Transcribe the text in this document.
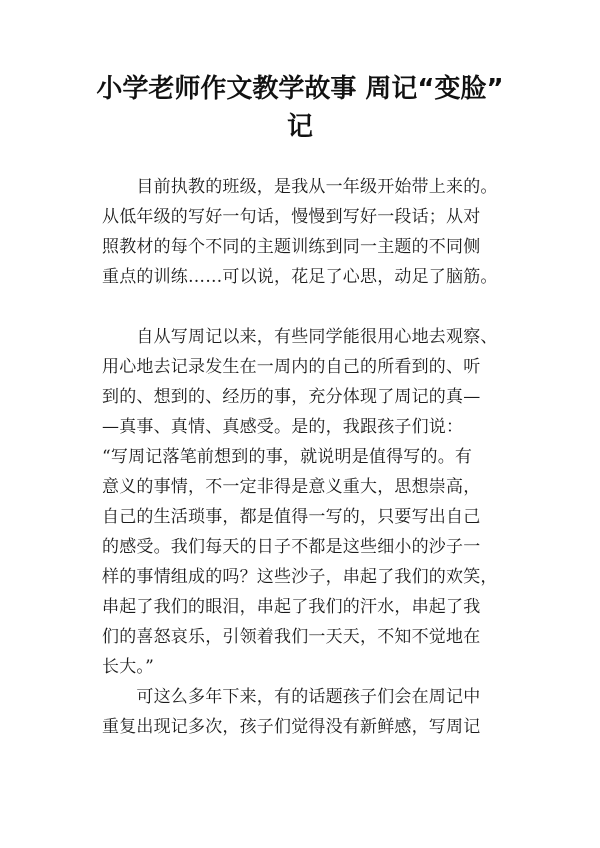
小学老师作文教学故事 周记“变脸”
记
　　目前执教的班级，是我从一年级开始带上来的。
从低年级的写好一句话，慢慢到写好一段话；从对
照教材的每个不同的主题训练到同一主题的不同侧
重点的训练……可以说，花足了心思，动足了脑筋。
　　自从写周记以来，有些同学能很用心地去观察、
用心地去记录发生在一周内的自己的所看到的、听
到的、想到的、经历的事，充分体现了周记的真—
—真事、真情、真感受。是的，我跟孩子们说：
“写周记落笔前想到的事，就说明是值得写的。有
意义的事情，不一定非得是意义重大，思想崇高，
自己的生活琐事，都是值得一写的，只要写出自己
的感受。我们每天的日子不都是这些细小的沙子一
样的事情组成的吗？这些沙子，串起了我们的欢笑，
串起了我们的眼泪，串起了我们的汗水，串起了我
们的喜怒哀乐，引领着我们一天天，不知不觉地在
长大。”
　　可这么多年下来，有的话题孩子们会在周记中
重复出现记多次，孩子们觉得没有新鲜感，写周记
